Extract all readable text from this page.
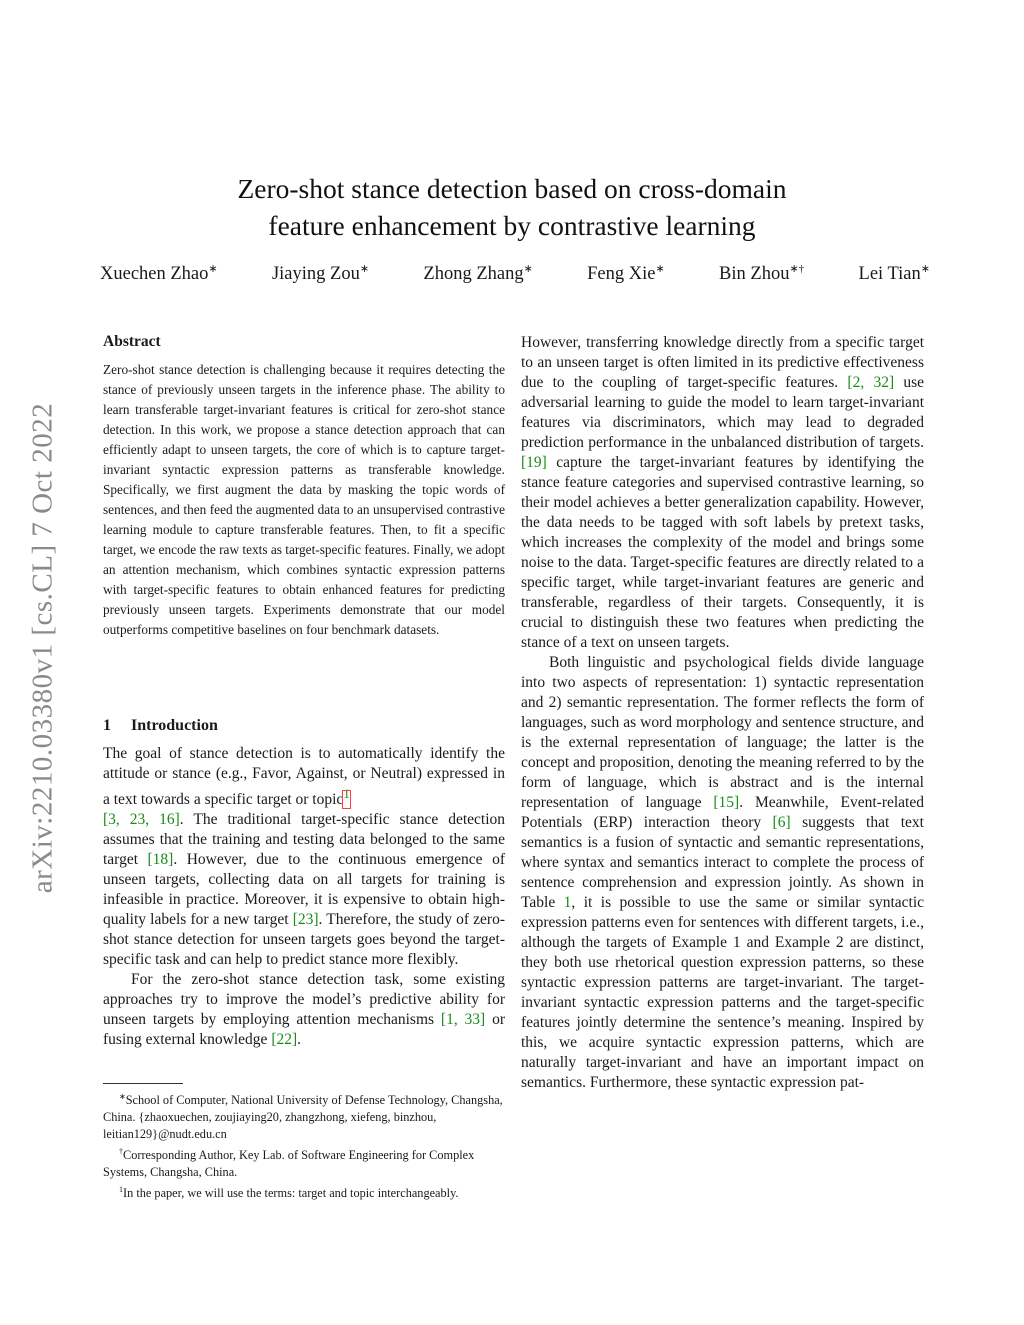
arXiv:2210.03380v1 [cs.CL] 7 Oct 2022
Zero-shot stance detection based on cross-domain
feature enhancement by contrastive learning
Xuechen Zhao∗	Jiaying Zou∗	Zhong Zhang∗	Feng Xie∗	Bin Zhou∗†	Lei Tian∗
Abstract
Zero-shot stance detection is challenging because it requires detecting the stance of previously unseen targets in the inference phase. The ability to learn transferable target-invariant features is critical for zero-shot stance detection. In this work, we propose a stance detection approach that can efficiently adapt to unseen targets, the core of which is to capture target-invariant syntactic expression patterns as transferable knowledge. Specifically, we first augment the data by masking the topic words of sentences, and then feed the augmented data to an unsupervised contrastive learning module to capture transferable features. Then, to fit a specific target, we encode the raw texts as target-specific features. Finally, we adopt an attention mechanism, which combines syntactic expression patterns with target-specific features to obtain enhanced features for predicting previously unseen targets. Experiments demonstrate that our model outperforms competitive baselines on four benchmark datasets.
1 Introduction

The goal of stance detection is to automatically identify the attitude or stance (e.g., Favor, Against, or Neutral) expressed in a text towards a specific target or topic$^1$
[3, 23, 16]. The traditional target-specific stance detection assumes that the training and testing data belonged to the same target [18]. However, due to the continuous emergence of unseen targets, collecting data on all targets for training is infeasible in practice. Moreover, it is expensive to obtain high-quality labels for a new target [23]. Therefore, the study of zero-shot stance detection for unseen targets goes beyond the target-specific task and can help to predict stance more flexibly.

For the zero-shot stance detection task, some existing approaches try to improve the model’s predictive ability for unseen targets by employing attention mechanisms [1, 33] or fusing external knowledge [22].

∗School of Computer, National University of Defense Technology, Changsha, China. {zhaoxuechen, zoujiaying20, zhangzhong, xiefeng, binzhou, leitian129}@nudt.edu.cn

†Corresponding Author, Key Lab. of Software Engineering for Complex Systems, Changsha, China.

$^1$In the paper, we will use the terms: target and topic interchangeably.

However, transferring knowledge directly from a specific target to an unseen target is often limited in its predictive effectiveness due to the coupling of target-specific features. [2, 32] use adversarial learning to guide the model to learn target-invariant features via discriminators, which may lead to degraded prediction performance in the unbalanced distribution of targets. [19] capture the target-invariant features by identifying the stance feature categories and supervised contrastive learning, so their model achieves a better generalization capability. However, the data needs to be tagged with soft labels by pretext tasks, which increases the complexity of the model and brings some noise to the data. Target-specific features are directly related to a specific target, while target-invariant features are generic and transferable, regardless of their targets. Consequently, it is crucial to distinguish these two features when predicting the stance of a text on unseen targets.

Both linguistic and psychological fields divide language into two aspects of representation: 1) syntactic representation and 2) semantic representation. The former reflects the form of languages, such as word morphology and sentence structure, and is the external representation of language; the latter is the concept and proposition, denoting the meaning referred to by the form of language, which is abstract and is the internal representation of language [15]. Meanwhile, Event-related Potentials (ERP) interaction theory [6] suggests that text semantics is a fusion of syntactic and semantic representations, where syntax and semantics interact to complete the process of sentence comprehension and expression jointly. As shown in Table 1, it is possible to use the same or similar syntactic expression patterns even for sentences with different targets, i.e., although the targets of Example 1 and Example 2 are distinct, they both use rhetorical question expression patterns, so these syntactic expression patterns are target-invariant. The target-invariant syntactic expression patterns and the target-specific features jointly determine the sentence’s meaning. Inspired by this, we acquire syntactic expression patterns, which are naturally target-invariant and have an important impact on semantics. Furthermore, these syntactic expression pat-
